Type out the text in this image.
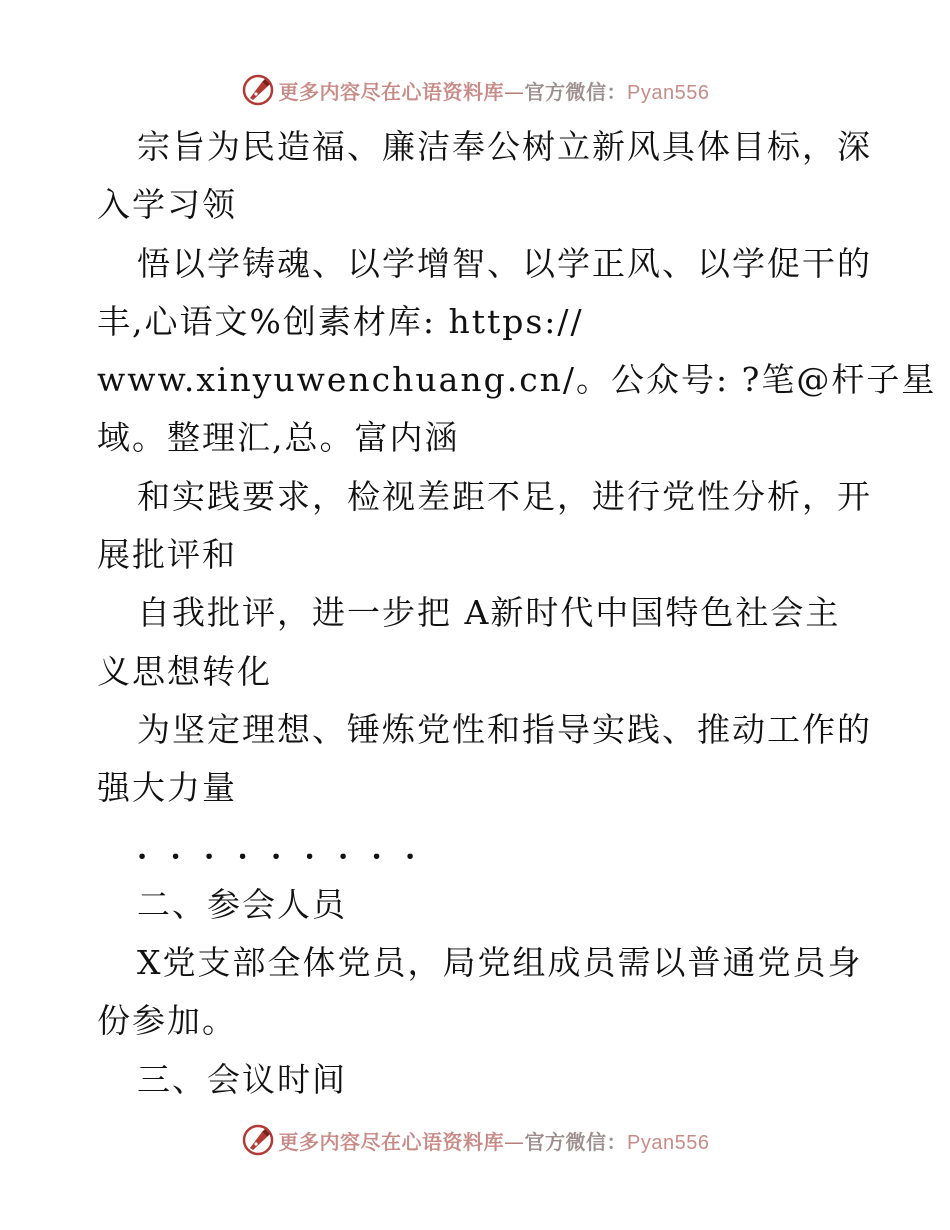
更多内容尽在心语资料库—官方微信：Pyan556
宗旨为民造福、廉洁奉公树立新风具体目标，深
入学习领
悟以学铸魂、以学增智、以学正风、以学促干的
丰,心语文%创素材库: https://
www.xinyuwenchuang.cn/。公众号: ?笔@杆子星
域。整理汇,总。富内涵
和实践要求，检视差距不足，进行党性分析，开
展批评和
自我批评，进一步把 A新时代中国特色社会主
义思想转化
为坚定理想、锤炼党性和指导实践、推动工作的
强大力量
．．．．．．．．．
二、参会人员
X党支部全体党员，局党组成员需以普通党员身
份参加。
三、会议时间
更多内容尽在心语资料库—官方微信：Pyan556
